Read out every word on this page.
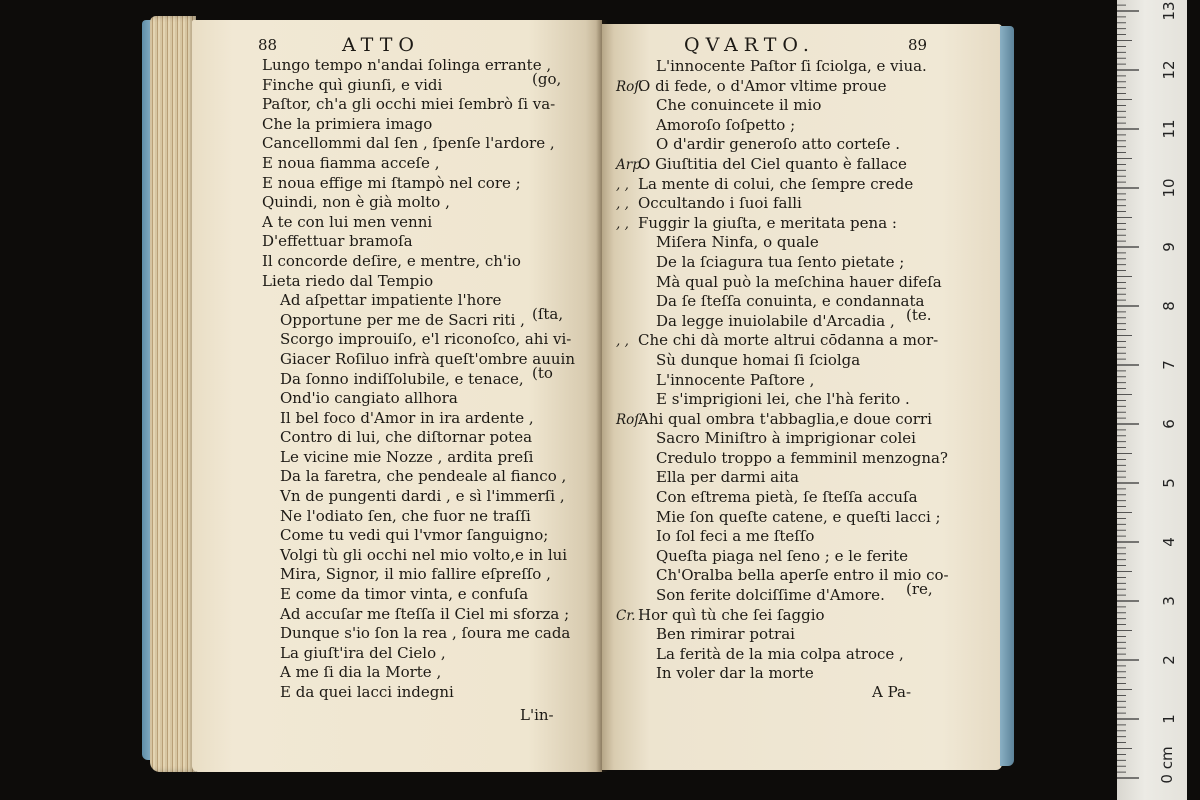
88	ATTO
Lungo tempo n'andai ſolinga errante ,
Finche quì giunſi, e vidi	(go,
Paſtor, ch'a gli occhi miei ſembrò ſi va-
Che la primiera imago
Cancellommi dal ſen , ſpenſe l'ardore ,
E noua fiamma acceſe ,
E noua effige mi ſtampò nel core ;
Quindi, non è già molto ,
A te con lui men venni
D'effettuar bramoſa
Il concorde deſire, e mentre, ch'io
Lieta riedo dal Tempio
Ad aſpettar impatiente l'hore
Opportune per me de Sacri riti , (ſta,
Scorgo improuiſo, e'l riconoſco, ahi vi-
Giacer Roſiluo infrà queſt'ombre auuin
Da ſonno indiſſolubile, e tenace, (to
Ond'io cangiato allhora
Il bel foco d'Amor in ira ardente ,
Contro di lui, che diſtornar potea
Le vicine mie Nozze , ardita preſi
Da la faretra, che pendeale al fianco ,
Vn de pungenti dardi , e sì l'immerſi ,
Ne l'odiato ſen, che fuor ne traſſi
Come tu vedi qui l'vmor ſanguigno;
Volgi tù gli occhi nel mio volto,e in lui
Mira, Signor, il mio fallire eſpreſſo ,
E come da timor vinta, e confuſa
Ad accuſar me ſteſſa il Ciel mi sforza ;
Dunque s'io ſon la rea , ſoura me cada
La giuſt'ira del Cielo ,
A me ſi dia la Morte ,
E da quei lacci indegni
L'in-
QVARTO.	89
L'innocente Paſtor ſi ſciolga, e viua.
Roſ.
O di fede, o d'Amor vltime proue
Che conuincete il mio
Amoroſo ſoſpetto ;
O d'ardir generoſo atto corteſe .
Arp.
O Giuſtitia del Ciel quanto è fallace
, , La mente di colui, che ſempre crede
, , Occultando i ſuoi falli
, , Fuggir la giuſta, e meritata pena :
Miſera Ninfa, o quale
De la ſciagura tua ſento pietate ;
Mà qual può la meſchina hauer difeſa
Da ſe ſteſſa conuinta, e condannata
Da legge inuiolabile d'Arcadia , (te.
, , Che chi dà morte altrui cōdanna a mor-
Sù dunque homai ſi ſciolga
L'innocente Paſtore ,
E s'imprigioni lei, che l'hà ferito .
Roſ.
Ahi qual ombra t'abbaglia,e doue corri
Sacro Miniſtro à imprigionar colei
Credulo troppo a femminil menzogna?
Ella per darmi aita
Con eſtrema pietà, ſe ſteſſa accuſa
Mie ſon queſte catene, e queſti lacci ;
Io ſol feci a me ſteſſo
Queſta piaga nel ſeno ; e le ferite
Ch'Oralba bella aperſe entro il mio co-
Son ferite dolciſſime d'Amore. (re,
Cr. Hor quì tù che ſei ſaggio
Ben rimirar potrai
La ferità de la mia colpa atroce ,
In voler dar la morte
A Pa-
0 cm
1
2
3
4
5
6
7
8
9
10
11
12
13
